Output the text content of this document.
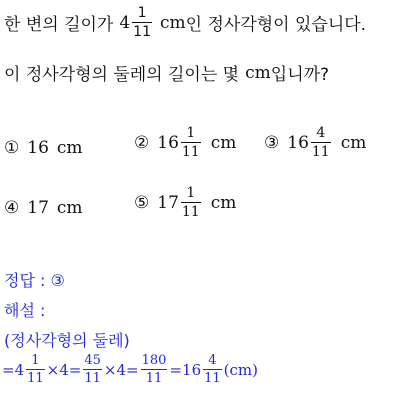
한 변의 길이가 $4 \frac{1}{11}$ cm 인 정사각형이 있습니다.
이 정사각형의 둘레의 길이는 몇 cm 입니까?
① 16 cm	② $16 \frac{1}{11}$ cm ③ $16 \frac{4}{11}$ cm
④ 17 cm	⑤ $17 \frac{1}{11}$ cm
정답 : ③
해설 :
(정사각형의 둘레)
= $4 \frac{1}{11} \times 4 = \frac{45}{11} \times 4 = \frac{180}{11} = 16 \frac{4}{11} (cm)$
